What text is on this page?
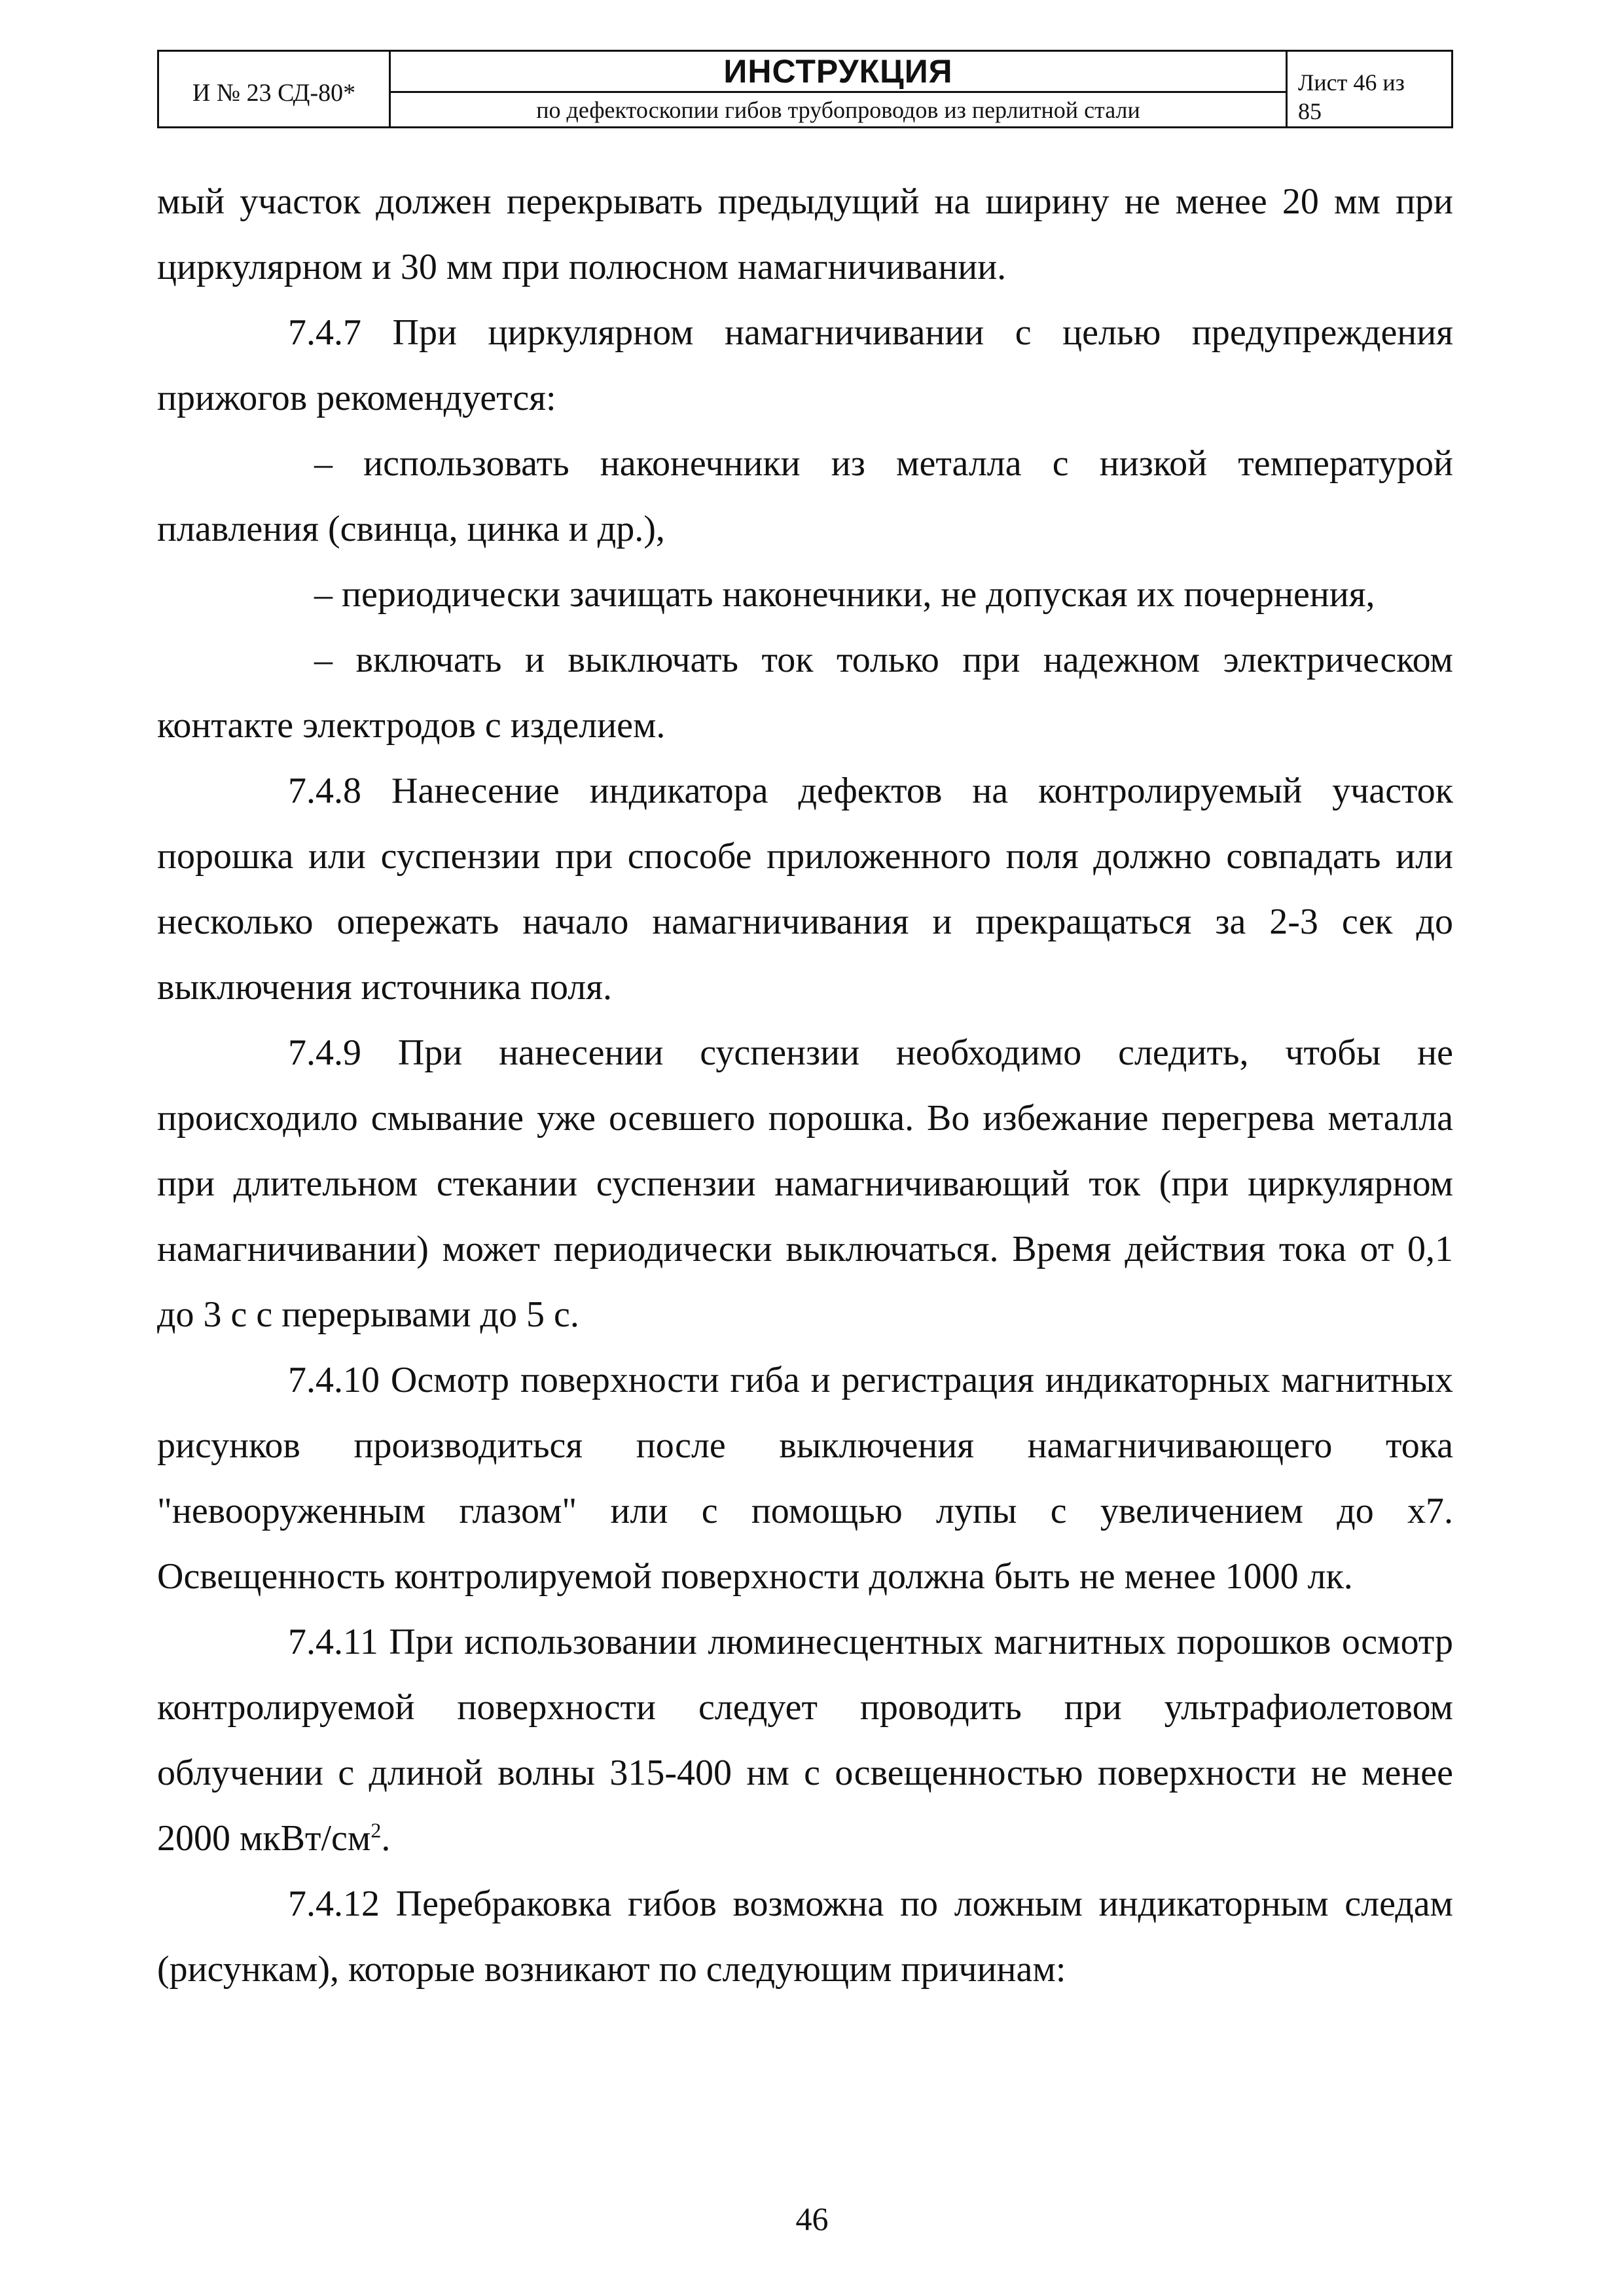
И № 23 СД-80*
ИНСТРУКЦИЯ
по дефектоскопии гибов трубопроводов из перлитной стали
Лист 46 из
85

мый участок должен перекрывать предыдущий на ширину не менее 20 мм при циркулярном и 30 мм при полюсном намагничивании.

7.4.7 При циркулярном намагничивании с целью предупреждения прижогов рекомендуется:

– использовать наконечники из металла с низкой температурой плавления (свинца, цинка и др.),

– периодически зачищать наконечники, не допуская их почернения,

– включать и выключать ток только при надежном электрическом контакте электродов с изделием.

7.4.8 Нанесение индикатора дефектов на контролируемый участок порошка или суспензии при способе приложенного поля должно совпадать или несколько опережать начало намагничивания и прекращаться за 2-3 сек до выключения источника поля.

7.4.9 При нанесении суспензии необходимо следить, чтобы не происходило смывание уже осевшего порошка. Во избежание перегрева металла при длительном стекании суспензии намагничивающий ток (при циркулярном намагничивании) может периодически выключаться. Время действия тока от 0,1 до 3 с с перерывами до 5 с.

7.4.10 Осмотр поверхности гиба и регистрация индикаторных магнитных рисунков производиться после выключения намагничивающего тока "невооруженным глазом" или с помощью лупы с увеличением до х7. Освещенность контролируемой поверхности должна быть не менее 1000 лк.

7.4.11 При использовании люминесцентных магнитных порошков осмотр контролируемой поверхности следует проводить при ультрафиолетовом облучении с длиной волны 315-400 нм с освещенностью поверхности не менее 2000 мкВт/$см^2$.

7.4.12 Перебраковка гибов возможна по ложным индикаторным следам (рисункам), которые возникают по следующим причинам:

46
